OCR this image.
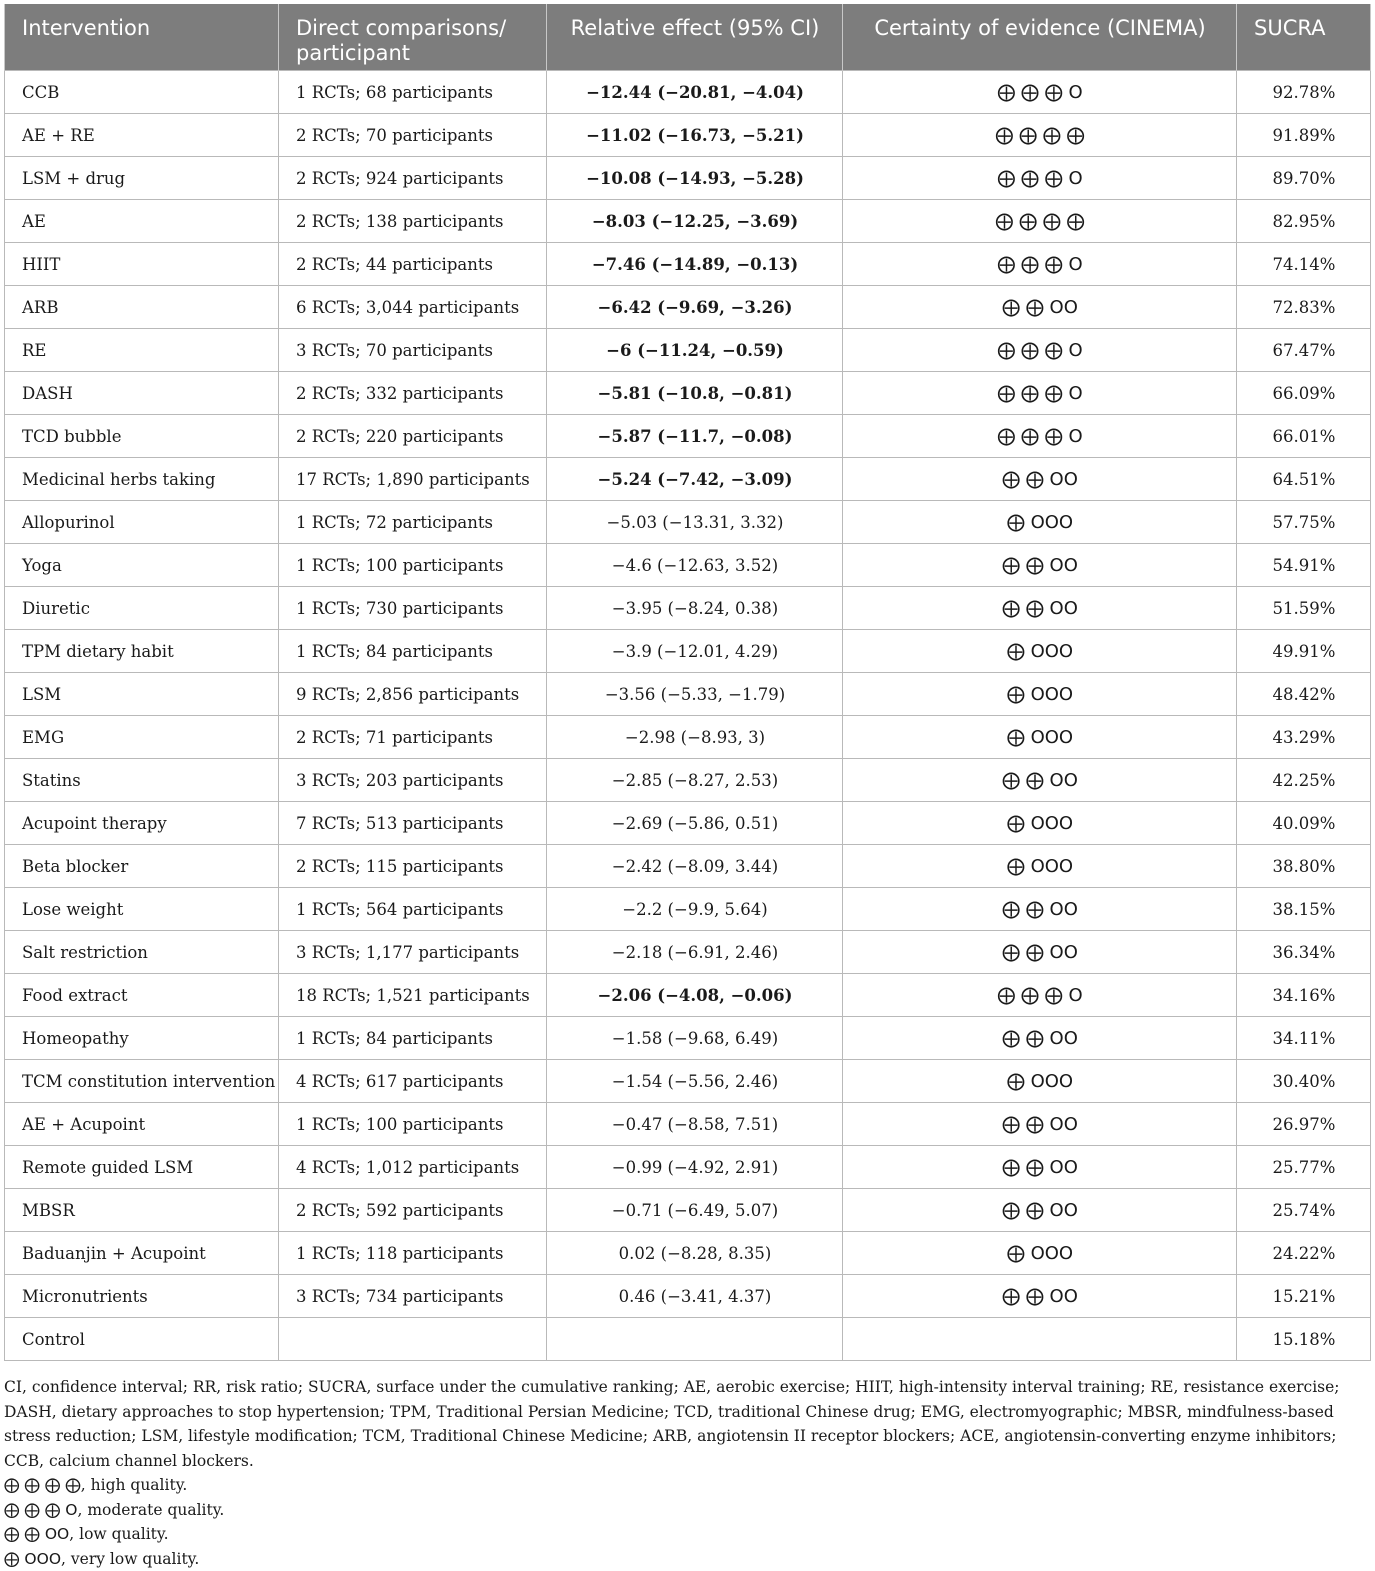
Intervention	Direct comparisons/ participant	Relative effect (95% CI)	Certainty of evidence (CINEMA)	SUCRA
CCB	1 RCTs; 68 participants	−12.44 (−20.81, −4.04)	⨁ ⨁ ⨁ O	92.78%
AE + RE	2 RCTs; 70 participants	−11.02 (−16.73, −5.21)	⨁ ⨁ ⨁ ⨁	91.89%
LSM + drug	2 RCTs; 924 participants	−10.08 (−14.93, −5.28)	⨁ ⨁ ⨁ O	89.70%
AE	2 RCTs; 138 participants	−8.03 (−12.25, −3.69)	⨁ ⨁ ⨁ ⨁	82.95%
HIIT	2 RCTs; 44 participants	−7.46 (−14.89, −0.13)	⨁ ⨁ ⨁ O	74.14%
ARB	6 RCTs; 3,044 participants	−6.42 (−9.69, −3.26)	⨁ ⨁ OO	72.83%
RE	3 RCTs; 70 participants	−6 (−11.24, −0.59)	⨁ ⨁ ⨁ O	67.47%
DASH	2 RCTs; 332 participants	−5.81 (−10.8, −0.81)	⨁ ⨁ ⨁ O	66.09%
TCD bubble	2 RCTs; 220 participants	−5.87 (−11.7, −0.08)	⨁ ⨁ ⨁ O	66.01%
Medicinal herbs taking	17 RCTs; 1,890 participants	−5.24 (−7.42, −3.09)	⨁ ⨁ OO	64.51%
Allopurinol	1 RCTs; 72 participants	−5.03 (−13.31, 3.32)	⨁ OOO	57.75%
Yoga	1 RCTs; 100 participants	−4.6 (−12.63, 3.52)	⨁ ⨁ OO	54.91%
Diuretic	1 RCTs; 730 participants	−3.95 (−8.24, 0.38)	⨁ ⨁ OO	51.59%
TPM dietary habit	1 RCTs; 84 participants	−3.9 (−12.01, 4.29)	⨁ OOO	49.91%
LSM	9 RCTs; 2,856 participants	−3.56 (−5.33, −1.79)	⨁ OOO	48.42%
EMG	2 RCTs; 71 participants	−2.98 (−8.93, 3)	⨁ OOO	43.29%
Statins	3 RCTs; 203 participants	−2.85 (−8.27, 2.53)	⨁ ⨁ OO	42.25%
Acupoint therapy	7 RCTs; 513 participants	−2.69 (−5.86, 0.51)	⨁ OOO	40.09%
Beta blocker	2 RCTs; 115 participants	−2.42 (−8.09, 3.44)	⨁ OOO	38.80%
Lose weight	1 RCTs; 564 participants	−2.2 (−9.9, 5.64)	⨁ ⨁ OO	38.15%
Salt restriction	3 RCTs; 1,177 participants	−2.18 (−6.91, 2.46)	⨁ ⨁ OO	36.34%
Food extract	18 RCTs; 1,521 participants	−2.06 (−4.08, −0.06)	⨁ ⨁ ⨁ O	34.16%
Homeopathy	1 RCTs; 84 participants	−1.58 (−9.68, 6.49)	⨁ ⨁ OO	34.11%
TCM constitution intervention	4 RCTs; 617 participants	−1.54 (−5.56, 2.46)	⨁ OOO	30.40%
AE + Acupoint	1 RCTs; 100 participants	−0.47 (−8.58, 7.51)	⨁ ⨁ OO	26.97%
Remote guided LSM	4 RCTs; 1,012 participants	−0.99 (−4.92, 2.91)	⨁ ⨁ OO	25.77%
MBSR	2 RCTs; 592 participants	−0.71 (−6.49, 5.07)	⨁ ⨁ OO	25.74%
Baduanjin + Acupoint	1 RCTs; 118 participants	0.02 (−8.28, 8.35)	⨁ OOO	24.22%
Micronutrients	3 RCTs; 734 participants	0.46 (−3.41, 4.37)	⨁ ⨁ OO	15.21%
Control				15.18%

CI, confidence interval; RR, risk ratio; SUCRA, surface under the cumulative ranking; AE, aerobic exercise; HIIT, high-intensity interval training; RE, resistance exercise; DASH, dietary approaches to stop hypertension; TPM, Traditional Persian Medicine; TCD, traditional Chinese drug; EMG, electromyographic; MBSR, mindfulness-based stress reduction; LSM, lifestyle modification; TCM, Traditional Chinese Medicine; ARB, angiotensin II receptor blockers; ACE, angiotensin-converting enzyme inhibitors; CCB, calcium channel blockers.

⨁ ⨁ ⨁ ⨁, high quality.

⨁ ⨁ ⨁ O, moderate quality.

⨁ ⨁ OO, low quality.

⨁ OOO, very low quality.
